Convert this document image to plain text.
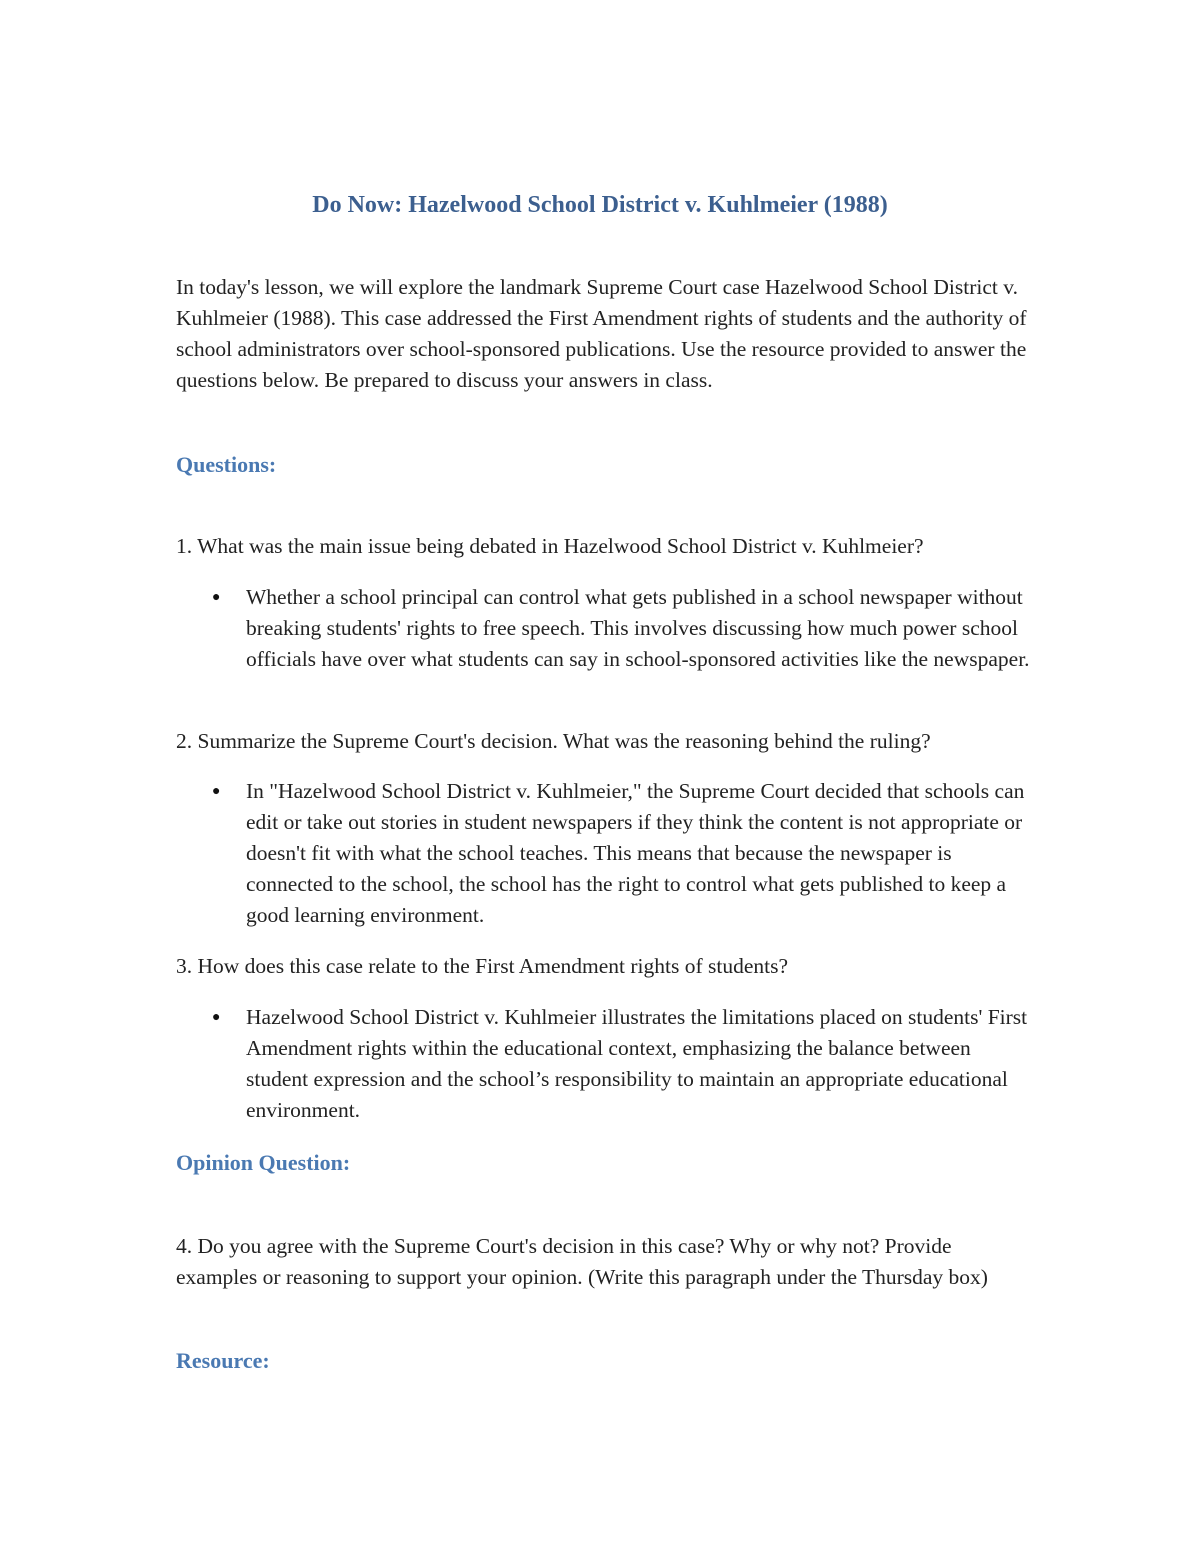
Do Now: Hazelwood School District v. Kuhlmeier (1988)
In today's lesson, we will explore the landmark Supreme Court case Hazelwood School District v. Kuhlmeier (1988). This case addressed the First Amendment rights of students and the authority of school administrators over school-sponsored publications. Use the resource provided to answer the questions below. Be prepared to discuss your answers in class.
Questions:
1. What was the main issue being debated in Hazelwood School District v. Kuhlmeier?
● Whether a school principal can control what gets published in a school newspaper without breaking students' rights to free speech. This involves discussing how much power school officials have over what students can say in school-sponsored activities like the newspaper.
2. Summarize the Supreme Court's decision. What was the reasoning behind the ruling?
● In "Hazelwood School District v. Kuhlmeier," the Supreme Court decided that schools can edit or take out stories in student newspapers if they think the content is not appropriate or doesn't fit with what the school teaches. This means that because the newspaper is connected to the school, the school has the right to control what gets published to keep a good learning environment.
3. How does this case relate to the First Amendment rights of students?
● Hazelwood School District v. Kuhlmeier illustrates the limitations placed on students' First Amendment rights within the educational context, emphasizing the balance between student expression and the school’s responsibility to maintain an appropriate educational environment.
Opinion Question:
4. Do you agree with the Supreme Court's decision in this case? Why or why not? Provide examples or reasoning to support your opinion. (Write this paragraph under the Thursday box)
Resource:
